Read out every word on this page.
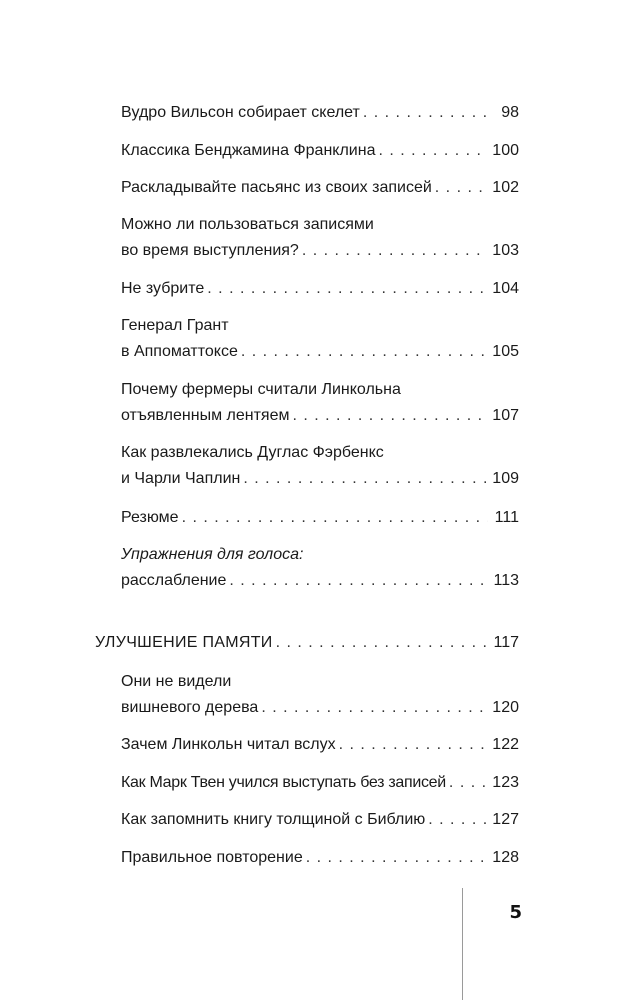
Вудро Вильсон собирает скелет . . .	98
Классика Бенджамина Франклина . . .	100
Раскладывайте пасьянс из своих записей . . .	102
Можно ли пользоваться записями
во время выступления? . . .	103
Не зубрите . . .	104
Генерал Грант
в Аппоматтоксе . . .	105
Почему фермеры считали Линкольна
отъявленным лентяем . . .	107
Как развлекались Дуглас Фэрбенкс
и Чарли Чаплин . . .	109
Резюме . . .	111
Упражнения для голоса:
расслабление . . .	113
УЛУЧШЕНИЕ ПАМЯТИ . . .	117
Они не видели
вишневого дерева . . .	120
Зачем Линкольн читал вслух . . .	122
Как Марк Твен учился выступать без записей . . .	123
Как запомнить книгу толщиной с Библию . . .	127
Правильное повторение . . .	128
5
